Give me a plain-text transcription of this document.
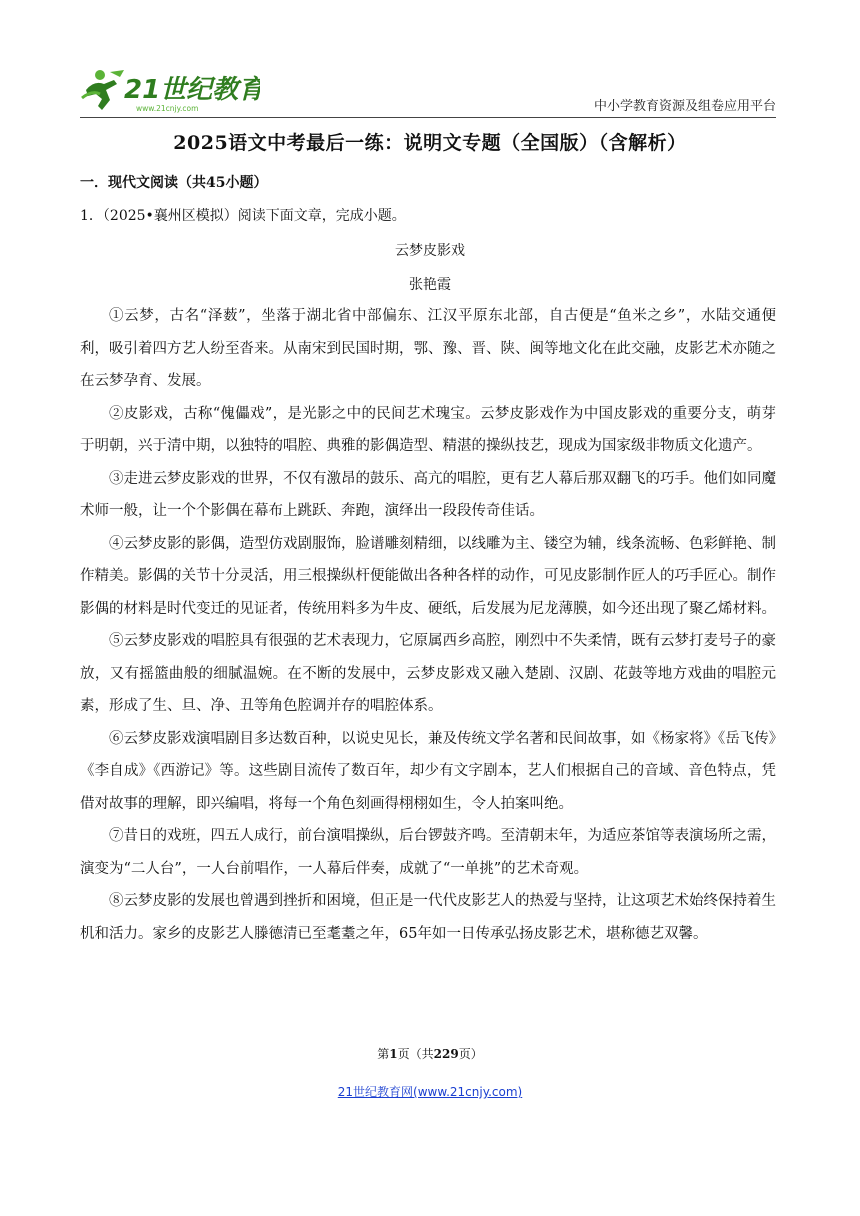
21世纪教育
www.21cnjy.com	中小学教育资源及组卷应用平台
2025语文中考最后一练：说明文专题（全国版）（含解析）
一．现代文阅读（共45小题）
1．（2025•襄州区模拟）阅读下面文章，完成小题。
云梦皮影戏
张艳霞

①云梦，古名“泽薮”，坐落于湖北省中部偏东、江汉平原东北部，自古便是“鱼米之乡”，水陆交通便利，吸引着四方艺人纷至沓来。从南宋到民国时期，鄂、豫、晋、陕、闽等地文化在此交融，皮影艺术亦随之在云梦孕育、发展。

②皮影戏，古称“傀儡戏”，是光影之中的民间艺术瑰宝。云梦皮影戏作为中国皮影戏的重要分支，萌芽于明朝，兴于清中期，以独特的唱腔、典雅的影偶造型、精湛的操纵技艺，现成为国家级非物质文化遗产。

③走进云梦皮影戏的世界，不仅有激昂的鼓乐、高亢的唱腔，更有艺人幕后那双翻飞的巧手。他们如同魔术师一般，让一个个影偶在幕布上跳跃、奔跑，演绎出一段段传奇佳话。

④云梦皮影的影偶，造型仿戏剧服饰，脸谱雕刻精细，以线雕为主、镂空为辅，线条流畅、色彩鲜艳、制作精美。影偶的关节十分灵活，用三根操纵杆便能做出各种各样的动作，可见皮影制作匠人的巧手匠心。制作影偶的材料是时代变迁的见证者，传统用料多为牛皮、硬纸，后发展为尼龙薄膜，如今还出现了聚乙烯材料。

⑤云梦皮影戏的唱腔具有很强的艺术表现力，它原属西乡高腔，刚烈中不失柔情，既有云梦打麦号子的豪放，又有摇篮曲般的细腻温婉。在不断的发展中，云梦皮影戏又融入楚剧、汉剧、花鼓等地方戏曲的唱腔元素，形成了生、旦、净、丑等角色腔调并存的唱腔体系。

⑥云梦皮影戏演唱剧目多达数百种，以说史见长，兼及传统文学名著和民间故事，如《杨家将》《岳飞传》《李自成》《西游记》等。这些剧目流传了数百年，却少有文字剧本，艺人们根据自己的音域、音色特点，凭借对故事的理解，即兴编唱，将每一个角色刻画得栩栩如生，令人拍案叫绝。

⑦昔日的戏班，四五人成行，前台演唱操纵，后台锣鼓齐鸣。至清朝末年，为适应茶馆等表演场所之需，演变为“二人台”，一人台前唱作，一人幕后伴奏，成就了“一单挑”的艺术奇观。

⑧云梦皮影的发展也曾遇到挫折和困境，但正是一代代皮影艺人的热爱与坚持，让这项艺术始终保持着生机和活力。家乡的皮影艺人滕德清已至耄耋之年，65年如一日传承弘扬皮影艺术，堪称德艺双馨。

第1页（共229页）
21世纪教育网(www.21cnjy.com)
